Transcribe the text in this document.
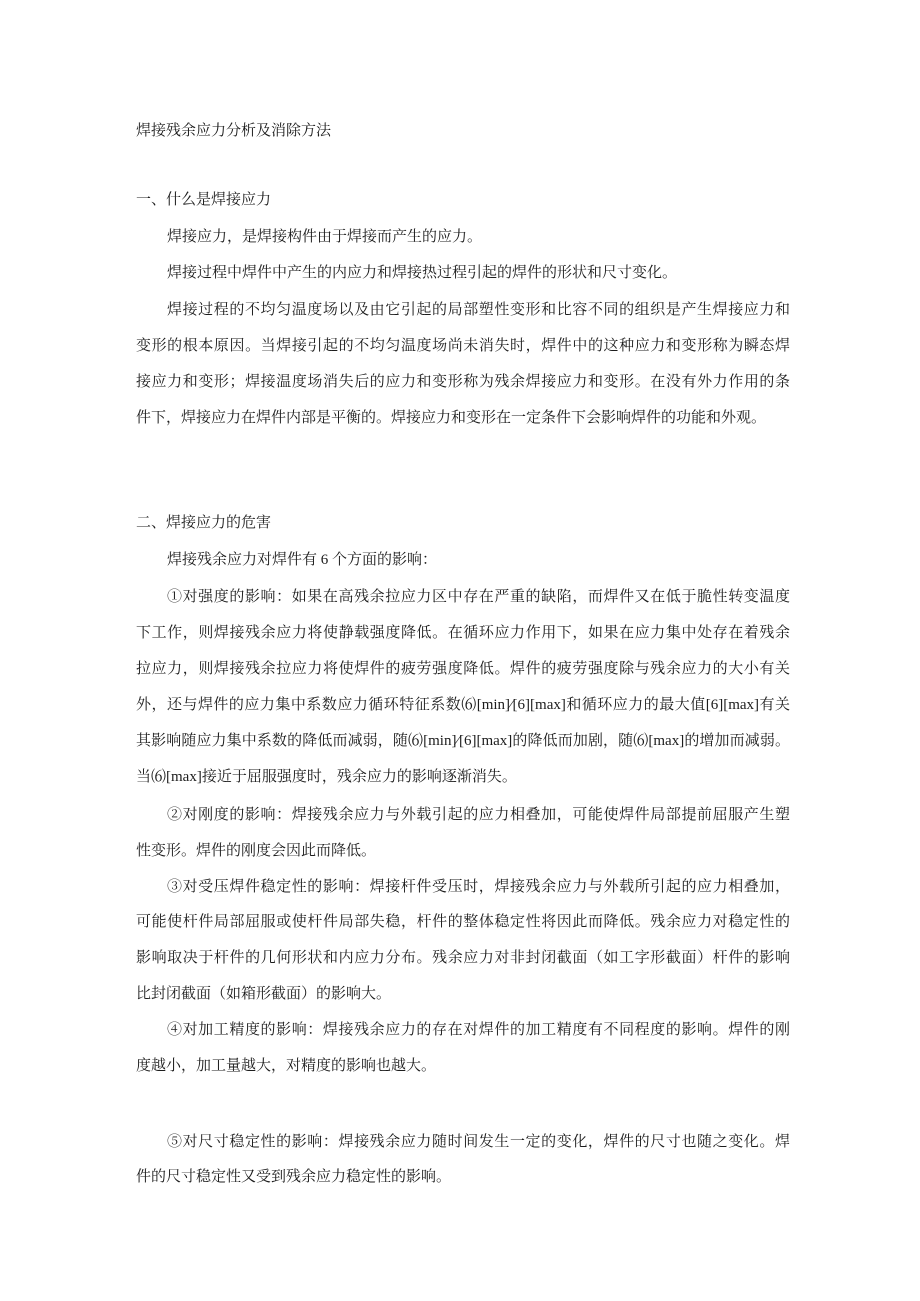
焊接残余应力分析及消除方法
一、什么是焊接应力
焊接应力，是焊接构件由于焊接而产生的应力。
焊接过程中焊件中产生的内应力和焊接热过程引起的焊件的形状和尺寸变化。
焊接过程的不均匀温度场以及由它引起的局部塑性变形和比容不同的组织是产生焊接应力和
变形的根本原因。当焊接引起的不均匀温度场尚未消失时，焊件中的这种应力和变形称为瞬态焊
接应力和变形；焊接温度场消失后的应力和变形称为残余焊接应力和变形。在没有外力作用的条
件下，焊接应力在焊件内部是平衡的。焊接应力和变形在一定条件下会影响焊件的功能和外观。
二、焊接应力的危害
焊接残余应力对焊件有 6 个方面的影响：
①对强度的影响：如果在高残余拉应力区中存在严重的缺陷，而焊件又在低于脆性转变温度
下工作，则焊接残余应力将使静载强度降低。在循环应力作用下，如果在应力集中处存在着残余
拉应力，则焊接残余拉应力将使焊件的疲劳强度降低。焊件的疲劳强度除与残余应力的大小有关
外，还与焊件的应力集中系数应力循环特征系数⑹[min]∕[6][max]和循环应力的最大值[6][max]有关
其影响随应力集中系数的降低而减弱，随⑹[min]∕[6][max]的降低而加剧，随⑹[max]的增加而减弱。
当⑹[max]接近于屈服强度时，残余应力的影响逐渐消失。
②对刚度的影响：焊接残余应力与外载引起的应力相叠加，可能使焊件局部提前屈服产生塑
性变形。焊件的刚度会因此而降低。
③对受压焊件稳定性的影响：焊接杆件受压时，焊接残余应力与外载所引起的应力相叠加，
可能使杆件局部屈服或使杆件局部失稳，杆件的整体稳定性将因此而降低。残余应力对稳定性的
影响取决于杆件的几何形状和内应力分布。残余应力对非封闭截面（如工字形截面）杆件的影响
比封闭截面（如箱形截面）的影响大。
④对加工精度的影响：焊接残余应力的存在对焊件的加工精度有不同程度的影响。焊件的刚
度越小，加工量越大，对精度的影响也越大。
⑤对尺寸稳定性的影响：焊接残余应力随时间发生一定的变化，焊件的尺寸也随之变化。焊
件的尺寸稳定性又受到残余应力稳定性的影响。
